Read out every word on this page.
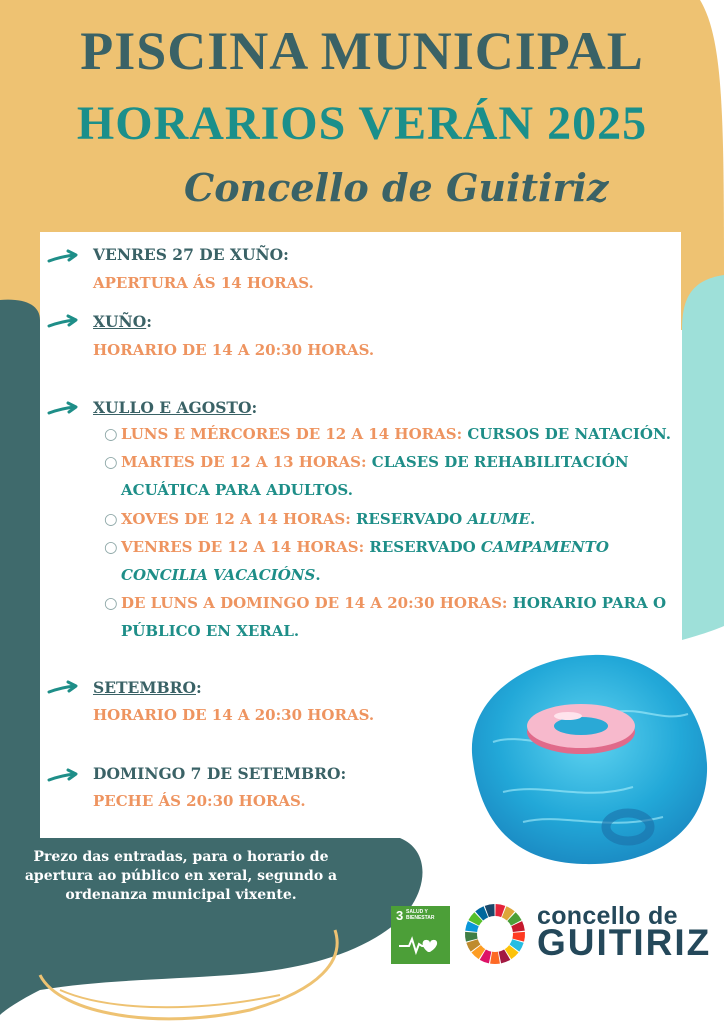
PISCINA MUNICIPAL
HORARIOS VERÁN 2025
Concello de Guitiriz
VENRES 27 DE XUÑO:
APERTURA ÁS 14 HORAS.
XUÑO:
HORARIO DE 14 A 20:30 HORAS.
XULLO E AGOSTO:
○ LUNS E MÉRCORES DE 12 A 14 HORAS: CURSOS DE NATACIÓN.
○ MARTES DE 12 A 13 HORAS: CLASES DE REHABILITACIÓN ACUÁTICA PARA ADULTOS.
○ XOVES DE 12 A 14 HORAS: RESERVADO ALUME.
○ VENRES DE 12 A 14 HORAS: RESERVADO CAMPAMENTO CONCILIA VACACIÓNS.
○ DE LUNS A DOMINGO DE 14 A 20:30 HORAS: HORARIO PARA O PÚBLICO EN XERAL.
SETEMBRO:
HORARIO DE 14 A 20:30 HORAS.
DOMINGO 7 DE SETEMBRO:
PECHE ÁS 20:30 HORAS.
Prezo das entradas, para o horario de apertura ao público en xeral, segundo a ordenanza municipal vixente.
3 SALUD Y BIENESTAR	concello de
GUITIRIZ
